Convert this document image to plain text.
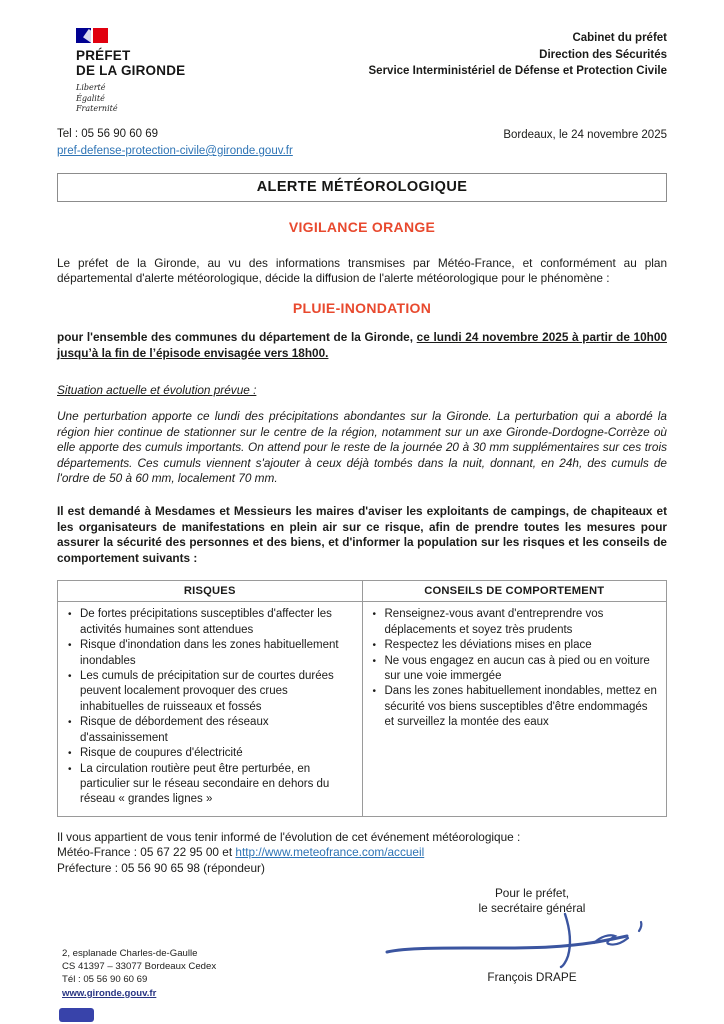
PRÉFET
DE LA GIRONDE
Liberté
Égalité
Fraternité
Cabinet du préfet
Direction des Sécurités
Service Interministériel de Défense et Protection Civile
Tel : 05 56 90 60 69
pref-defense-protection-civile@gironde.gouv.fr
Bordeaux, le 24 novembre 2025
ALERTE MÉTÉOROLOGIQUE
VIGILANCE ORANGE

Le préfet de la Gironde, au vu des informations transmises par Météo-France, et conformément au plan départemental d'alerte météorologique, décide la diffusion de l'alerte météorologique pour le phénomène :

PLUIE-INONDATION

pour l'ensemble des communes du département de la Gironde, ce lundi 24 novembre 2025 à partir de 10h00 jusqu’à la fin de l’épisode envisagée vers 18h00.

Situation actuelle et évolution prévue :

Une perturbation apporte ce lundi des précipitations abondantes sur la Gironde. La perturbation qui a abordé la région hier continue de stationner sur le centre de la région, notamment sur un axe Gironde-Dordogne-Corrèze où elle apporte des cumuls importants. On attend pour le reste de la journée 20 à 30 mm supplémentaires sur ces trois départements. Ces cumuls viennent s'ajouter à ceux déjà tombés dans la nuit, donnant, en 24h, des cumuls de l'ordre de 50 à 60 mm, localement 70 mm.

Il est demandé à Mesdames et Messieurs les maires d'aviser les exploitants de campings, de chapiteaux et les organisateurs de manifestations en plein air sur ce risque, afin de prendre toutes les mesures pour assurer la sécurité des personnes et des biens, et d'informer la population sur les risques et les conseils de comportement suivants :

RISQUES	CONSEILS DE COMPORTEMENT

• De fortes précipitations susceptibles d'affecter les activités humaines sont attendues
• Risque d'inondation dans les zones habituellement inondables
• Les cumuls de précipitation sur de courtes durées peuvent localement provoquer des crues inhabituelles de ruisseaux et fossés
• Risque de débordement des réseaux d'assainissement
• Risque de coupures d'électricité
• La circulation routière peut être perturbée, en particulier sur le réseau secondaire en dehors du réseau « grandes lignes »

• Renseignez-vous avant d'entreprendre vos déplacements et soyez très prudents
• Respectez les déviations mises en place
• Ne vous engagez en aucun cas à pied ou en voiture sur une voie immergée
• Dans les zones habituellement inondables, mettez en sécurité vos biens susceptibles d'être endommagés et surveillez la montée des eaux
Il vous appartient de vous tenir informé de l'évolution de cet événement météorologique :
Météo-France : 05 67 22 95 00 et http://www.meteofrance.com/accueil
Préfecture : 05 56 90 65 98 (répondeur)
Pour le préfet,
le secrétaire général
François DRAPE
2, esplanade Charles-de-Gaulle
CS 41397 – 33077 Bordeaux Cedex
Tél : 05 56 90 60 69
www.gironde.gouv.fr
